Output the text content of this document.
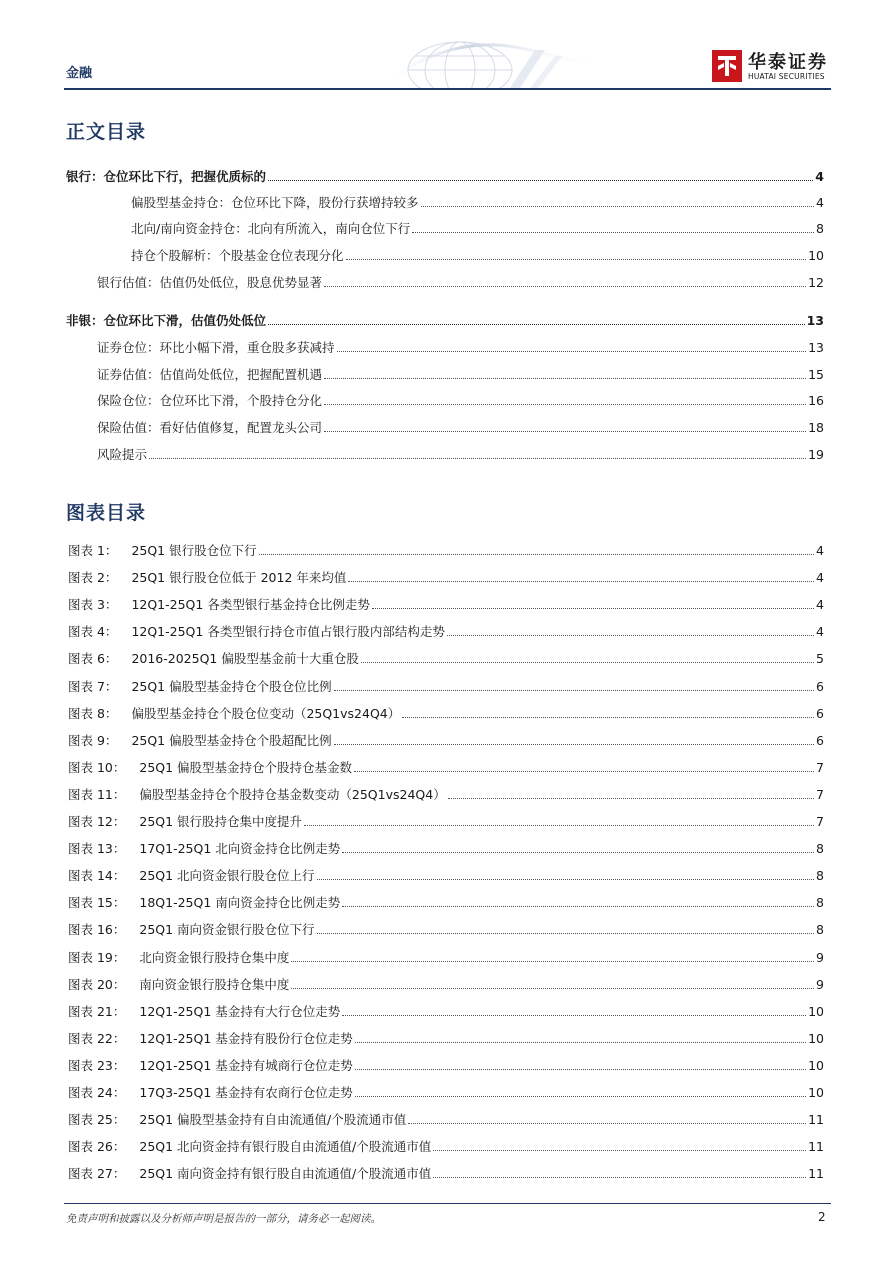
金融
华泰证券
HUATAI SECURITIES
正文目录
银行：仓位环比下行，把握优质标的	4
偏股型基金持仓：仓位环比下降，股份行获增持较多	4
北向/南向资金持仓：北向有所流入，南向仓位下行	8
持仓个股解析：个股基金仓位表现分化	10
银行估值：估值仍处低位，股息优势显著	12
非银：仓位环比下滑，估值仍处低位	13
证券仓位：环比小幅下滑，重仓股多获减持	13
证券估值：估值尚处低位，把握配置机遇	15
保险仓位：仓位环比下滑，个股持仓分化	16
保险估值：看好估值修复，配置龙头公司	18
风险提示	19
图表目录
图表 1： 25Q1 银行股仓位下行	4
图表 2： 25Q1 银行股仓位低于 2012 年来均值	4
图表 3： 12Q1-25Q1 各类型银行基金持仓比例走势	4
图表 4： 12Q1-25Q1 各类型银行持仓市值占银行股内部结构走势	4
图表 6： 2016-2025Q1 偏股型基金前十大重仓股	5
图表 7： 25Q1 偏股型基金持仓个股仓位比例	6
图表 8： 偏股型基金持仓个股仓位变动（25Q1vs24Q4）	6
图表 9： 25Q1 偏股型基金持仓个股超配比例	6
图表 10： 25Q1 偏股型基金持仓个股持仓基金数	7
图表 11： 偏股型基金持仓个股持仓基金数变动（25Q1vs24Q4）	7
图表 12： 25Q1 银行股持仓集中度提升	7
图表 13： 17Q1-25Q1 北向资金持仓比例走势	8
图表 14： 25Q1 北向资金银行股仓位上行	8
图表 15： 18Q1-25Q1 南向资金持仓比例走势	8
图表 16： 25Q1 南向资金银行股仓位下行	8
图表 19： 北向资金银行股持仓集中度	9
图表 20： 南向资金银行股持仓集中度	9
图表 21： 12Q1-25Q1 基金持有大行仓位走势	10
图表 22： 12Q1-25Q1 基金持有股份行仓位走势	10
图表 23： 12Q1-25Q1 基金持有城商行仓位走势	10
图表 24： 17Q3-25Q1 基金持有农商行仓位走势	10
图表 25： 25Q1 偏股型基金持有自由流通值/个股流通市值	11
图表 26： 25Q1 北向资金持有银行股自由流通值/个股流通市值	11
图表 27： 25Q1 南向资金持有银行股自由流通值/个股流通市值	11
免责声明和披露以及分析师声明是报告的一部分，请务必一起阅读。	2
